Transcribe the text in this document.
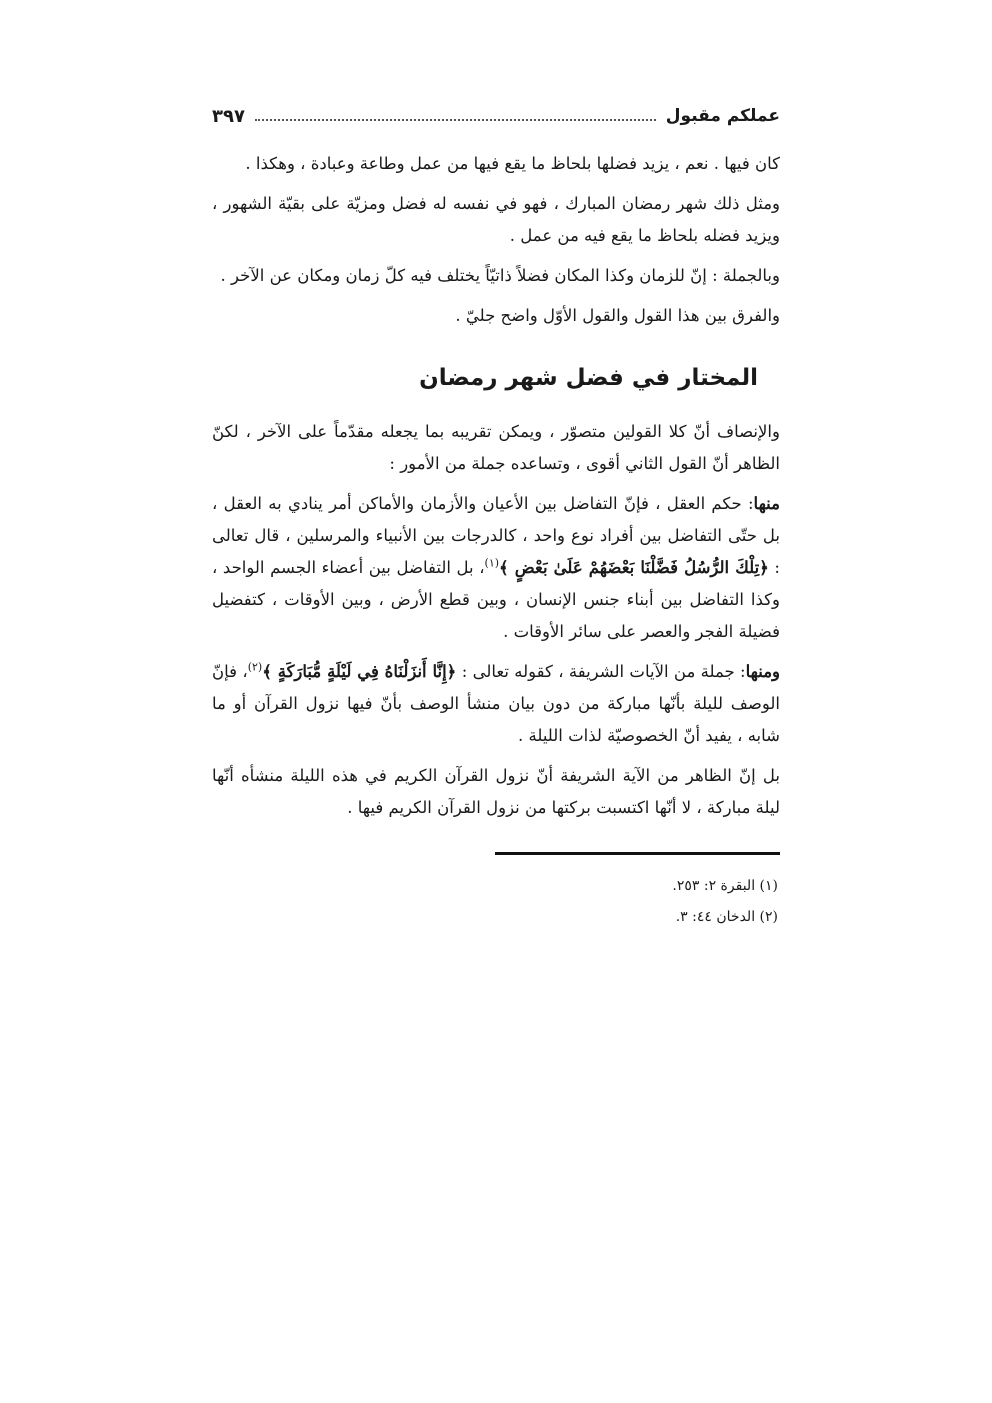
عملكم مقبول
٣٩٧

كان فيها . نعم ، يزيد فضلها بلحاظ ما يقع فيها من عمل وطاعة وعبادة ، وهكذا .

ومثل ذلك شهر رمضان المبارك ، فهو في نفسه له فضل ومزيّة على بقيّة الشهور ، ويزيد فضله بلحاظ ما يقع فيه من عمل .

وبالجملة : إنّ للزمان وكذا المكان فضلاً ذاتيّاً يختلف فيه كلّ زمان ومكان عن الآخر .

والفرق بين هذا القول والقول الأوّل واضح جليّ .

المختار في فضل شهر رمضان

والإنصاف أنّ كلا القولين متصوّر ، ويمكن تقريبه بما يجعله مقدّماً على الآخر ، لكنّ الظاهر أنّ القول الثاني أقوى ، وتساعده جملة من الأمور :

منها: حكم العقل ، فإنّ التفاضل بين الأعيان والأزمان والأماكن أمر ينادي به العقل ، بل حتّى التفاضل بين أفراد نوع واحد ، كالدرجات بين الأنبياء والمرسلين ، قال تعالى : ﴿تِلْكَ الرُّسُلُ فَضَّلْنَا بَعْضَهُمْ عَلَىٰ بَعْضٍ ﴾$^{(١)}$، بل التفاضل بين أعضاء الجسم الواحد ، وكذا التفاضل بين أبناء جنس الإنسان ، وبين قطع الأرض ، وبين الأوقات ، كتفضيل فضيلة الفجر والعصر على سائر الأوقات .

ومنها: جملة من الآيات الشريفة ، كقوله تعالى : ﴿إِنَّا أَنزَلْنَاهُ فِي لَيْلَةٍ مُّبَارَكَةٍ ﴾$^{(٢)}$، فإنّ الوصف لليلة بأنّها مباركة من دون بيان منشأ الوصف بأنّ فيها نزول القرآن أو ما شابه ، يفيد أنّ الخصوصيّة لذات الليلة .

بل إنّ الظاهر من الآية الشريفة أنّ نزول القرآن الكريم في هذه الليلة منشأه أنّها ليلة مباركة ، لا أنّها اكتسبت بركتها من نزول القرآن الكريم فيها .

(١) البقرة ٢: ٢٥٣.
(٢) الدخان ٤٤: ٣.
